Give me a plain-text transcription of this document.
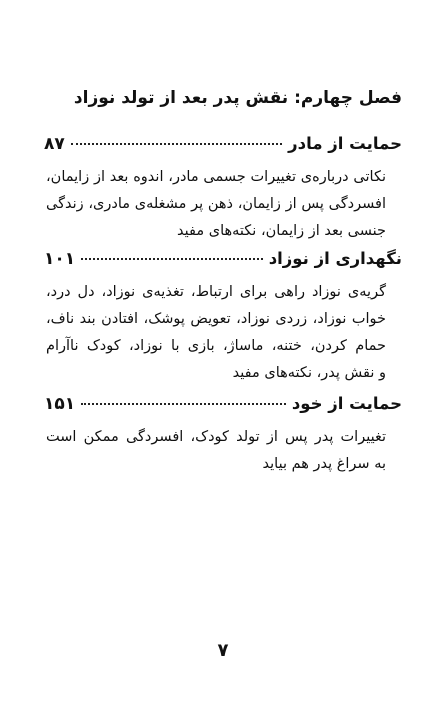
فصل چهارم: نقش پدر بعد از تولد نوزاد
حمایت از مادر
۸۷
نکاتی درباره‌ی تغییرات جسمی مادر، اندوه بعد از زایمان،
افسردگی پس از زایمان، ذهن پر مشغله‌ی مادری، زندگی
جنسی بعد از زایمان، نکته‌های مفید
نگهداری از نوزاد
۱۰۱
گریه‌ی نوزاد راهی برای ارتباط، تغذیه‌ی نوزاد، دل درد،
خواب نوزاد، زردی نوزاد، تعویض پوشک، افتادن بند ناف،
حمام کردن، ختنه، ماساژ، بازی با نوزاد، کودک ناآرام
و نقش پدر، نکته‌های مفید
حمایت از خود
۱۵۱
تغییرات پدر پس از تولد کودک، افسردگی ممکن است
به سراغ پدر هم بیاید
۷
